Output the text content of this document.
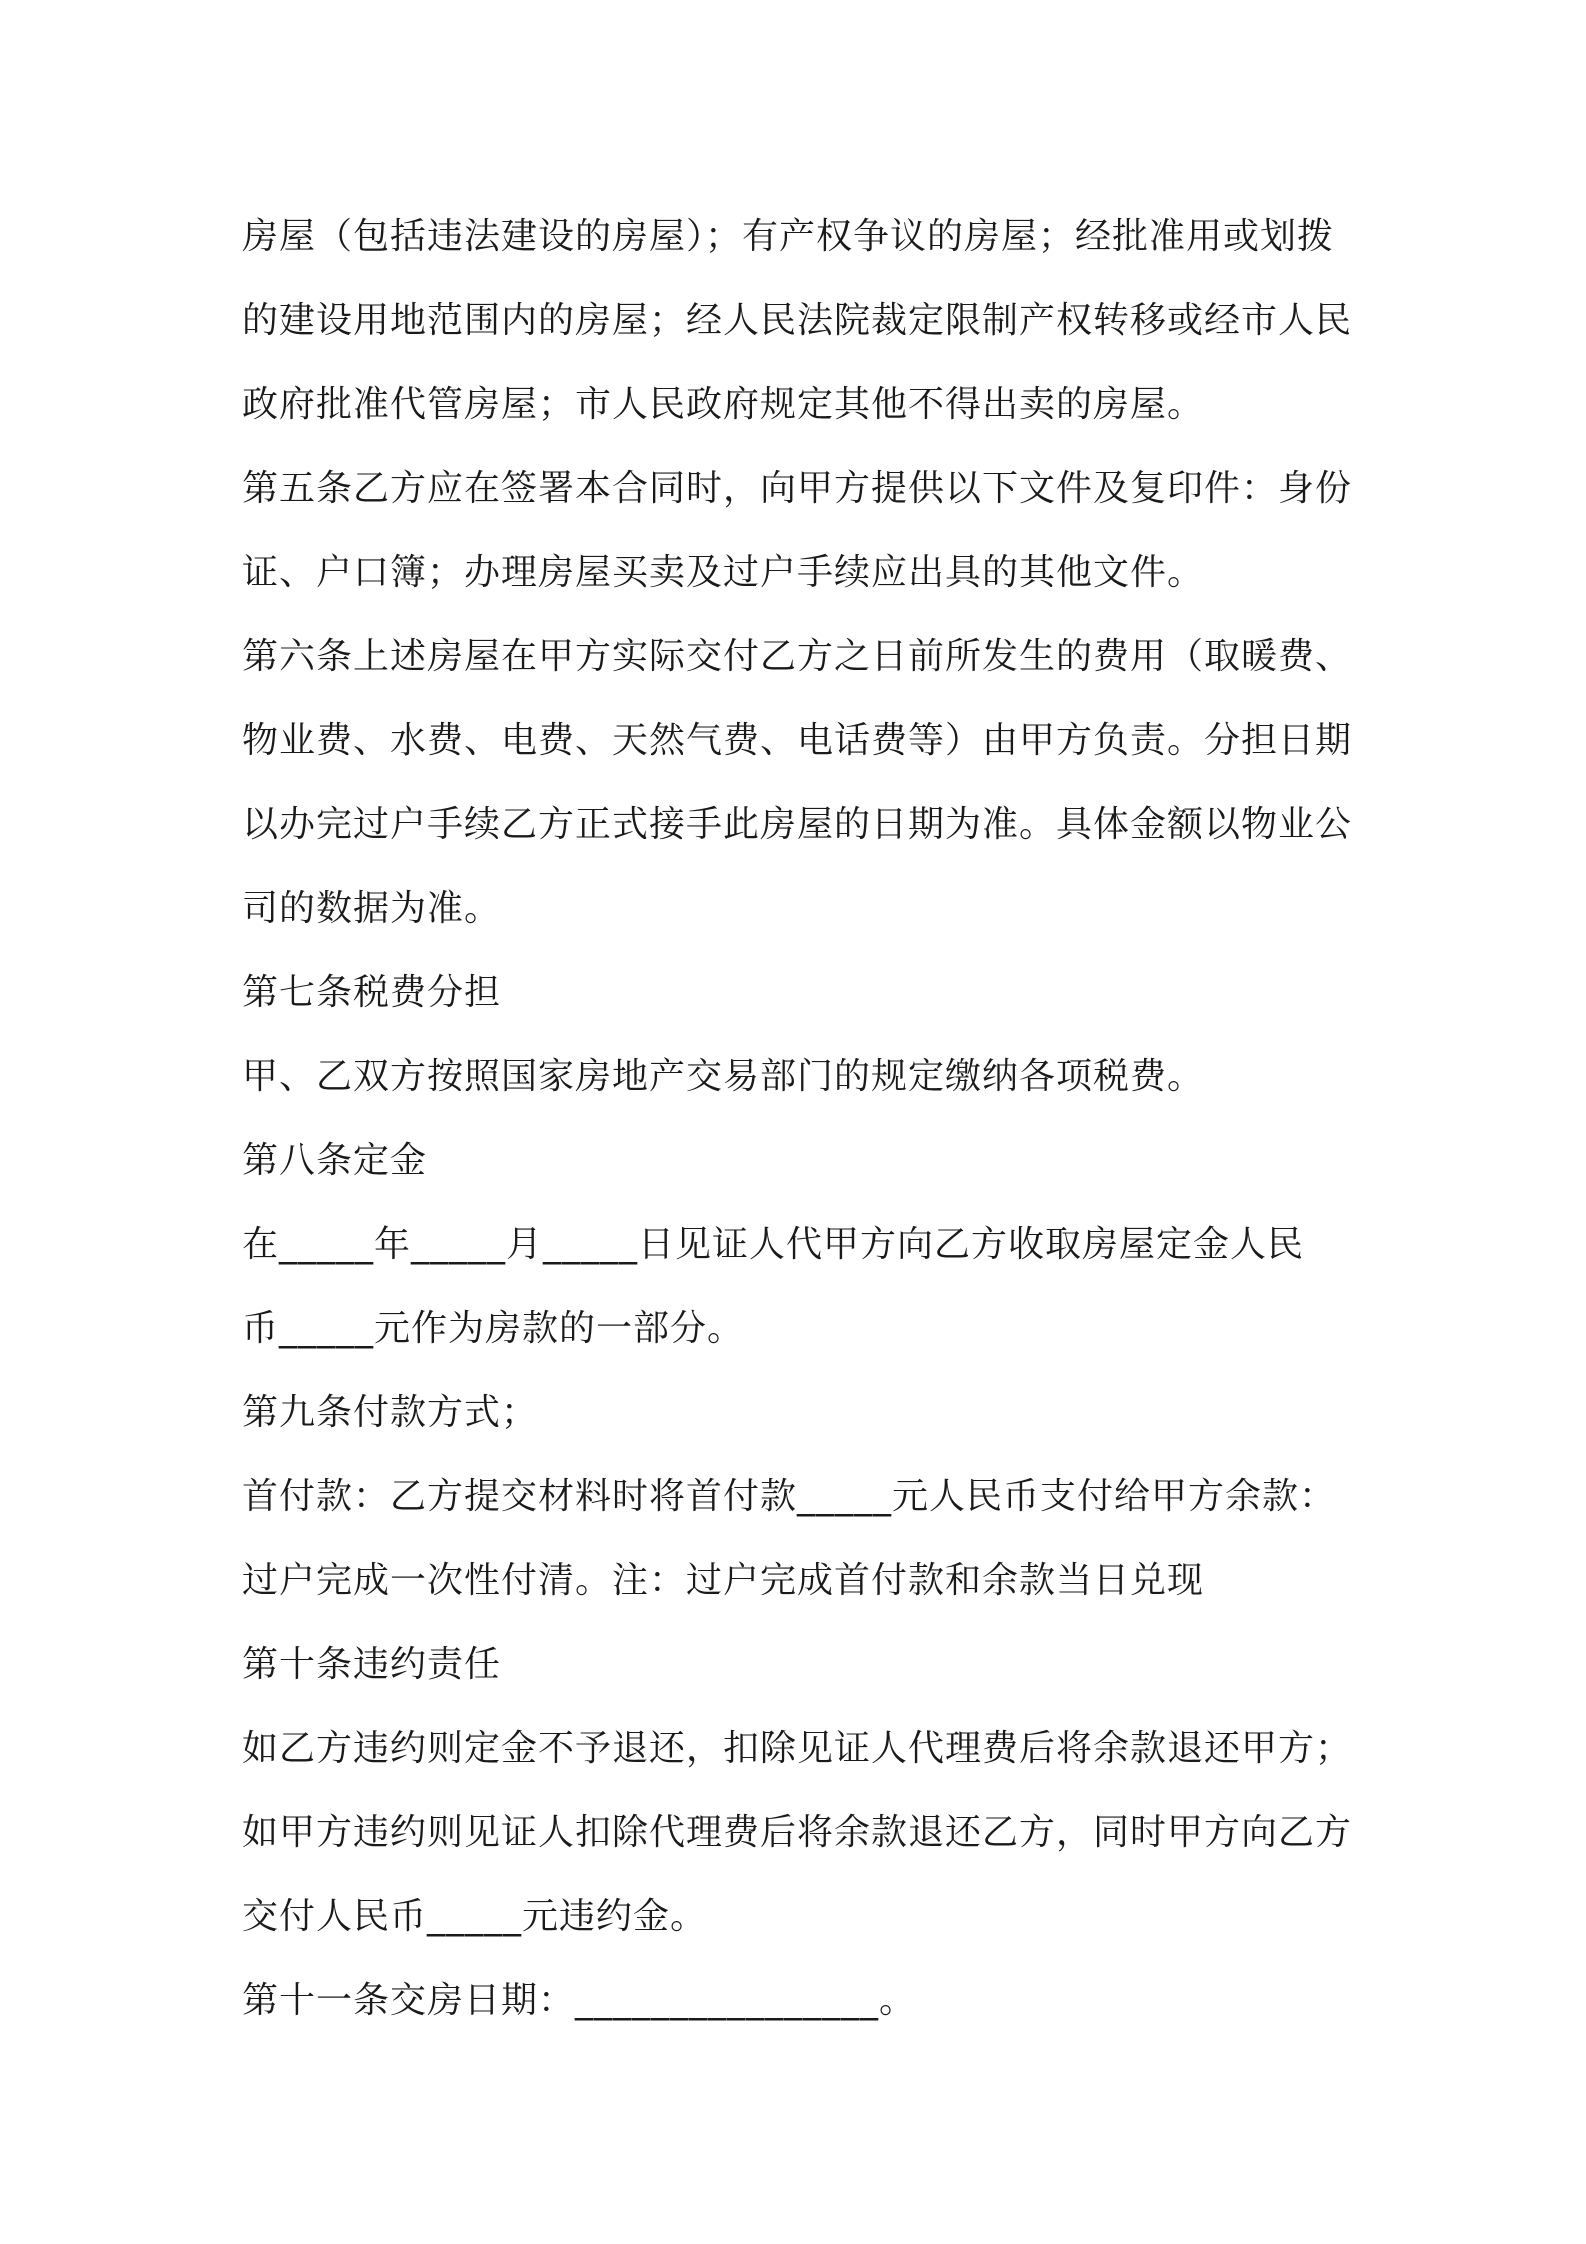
房屋（包括违法建设的房屋）；有产权争议的房屋；经批准用或划拨
的建设用地范围内的房屋；经人民法院裁定限制产权转移或经市人民
政府批准代管房屋；市人民政府规定其他不得出卖的房屋。
第五条乙方应在签署本合同时，向甲方提供以下文件及复印件：身份
证、户口簿；办理房屋买卖及过户手续应出具的其他文件。
第六条上述房屋在甲方实际交付乙方之日前所发生的费用（取暖费、
物业费、水费、电费、天然气费、电话费等）由甲方负责。分担日期
以办完过户手续乙方正式接手此房屋的日期为准。具体金额以物业公
司的数据为准。
第七条税费分担
甲、乙双方按照国家房地产交易部门的规定缴纳各项税费。
第八条定金
在_____年_____月_____日见证人代甲方向乙方收取房屋定金人民
币_____元作为房款的一部分。
第九条付款方式；
首付款：乙方提交材料时将首付款_____元人民币支付给甲方余款：
过户完成一次性付清。注：过户完成首付款和余款当日兑现
第十条违约责任
如乙方违约则定金不予退还，扣除见证人代理费后将余款退还甲方；
如甲方违约则见证人扣除代理费后将余款退还乙方，同时甲方向乙方
交付人民币_____元违约金。
第十一条交房日期：________________。
